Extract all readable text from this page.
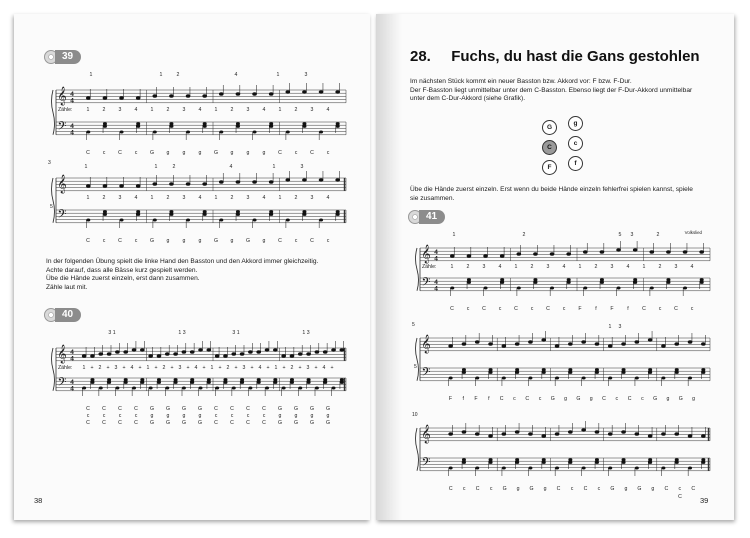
39
𝄞
𝄢
4
4
4
4
1	1	2	4	1	3
Zähle:	1	2	3	4	1	2	3	4	1	2	3	4	1	2	3	4
C c C c G g	g	g G g	g	g C c C c
3
𝄞
𝄢
1	1	2	4	1	3
1	2	3	4	1	2	3	4	1	2	3	4	1	2	3	4
5
C c C c G g	g	g G g G g C c C c
In der folgenden Übung spielt die linke Hand den Basston und den Akkord immer gleichzeitig.
Achte darauf, dass alle Bässe kurz gespielt werden.
Übe die Hände zuerst einzeln, erst dann zusammen.
Zähle laut mit.
40
𝄞
𝄢
4
4
4
4
3 1	1 3	3 1	1 3
Zähle: 1 + 2 + 3 + 4 + 1 + 2 + 3 + 4 + 1 + 2 + 3 + 4 + 1 + 2 + 3 + 4 +
C C C C G G G G C C C C G G G G
c	c	c	c	g	g	g	g	c	c	c	c	g	g	g	g
C C C C G G G G C C C C G G G G
38
28. Fuchs, du hast die Gans gestohlen
Im nächsten Stück kommt ein neuer Basston bzw. Akkord vor: F bzw. F-Dur.
Der F-Basston liegt unmittelbar unter dem C-Basston. Ebenso liegt der F-Dur-Akkord unmittelbar
unter dem C-Dur-Akkord (siehe Grafik).
G
g
C
c
F
f
Übe die Hände zuerst einzeln. Erst wenn du beide Hände einzeln fehlerfrei spielen kannst, spiele
sie zusammen.
41
Volkslied
𝄞
𝄢
4
4
4
4
1	2	5 3	2
Zähle:	1	2	3	4	1	2	3	4	1	2	3	4	1	2	3	4
C c C c C c C c	F	f	F	f	C c C c
5
𝄞
𝄢
1 3
5
F f F f C c C c G g G g C c C c G g G g
10
𝄞
𝄢
C c C c G g G g C c C c G g G g C c C
C 39
